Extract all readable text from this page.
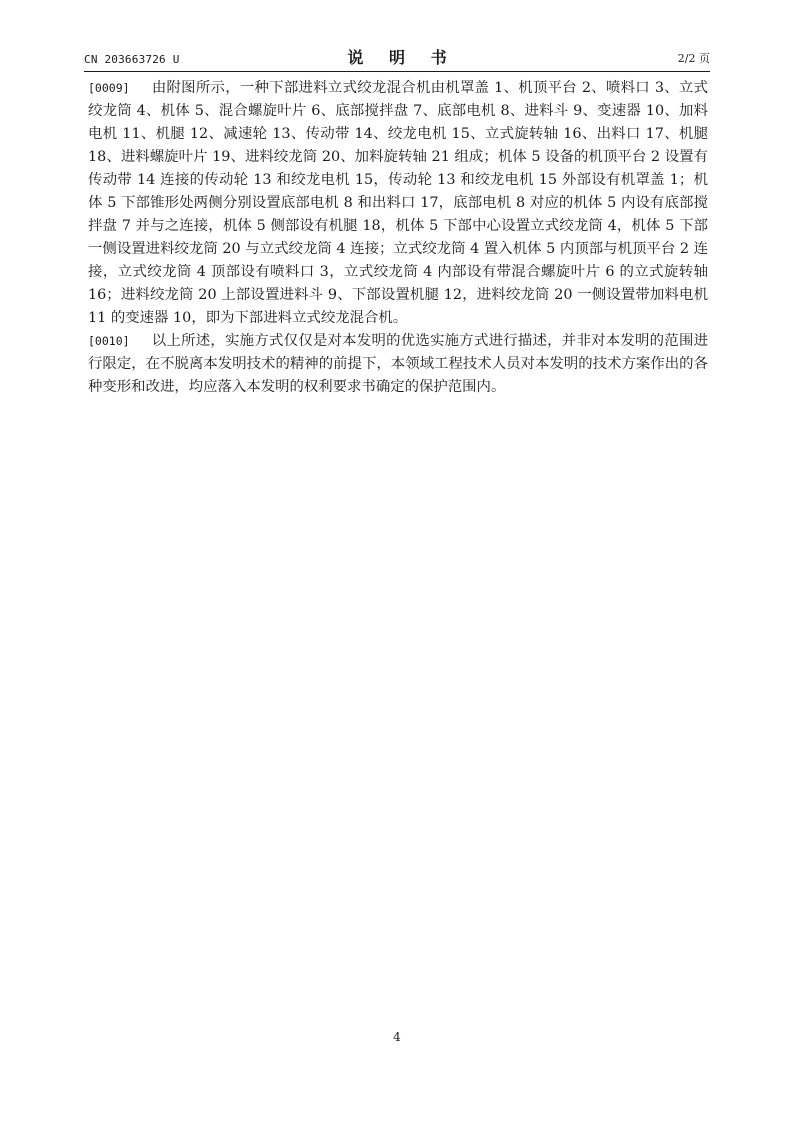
CN 203663726 U	说 明 书	2/2 页

[0009] 由附图所示，一种下部进料立式绞龙混合机由机罩盖 1、机顶平台 2、喷料口 3、立式绞龙筒 4、机体 5、混合螺旋叶片 6、底部搅拌盘 7、底部电机 8、进料斗 9、变速器 10、加料电机 11、机腿 12、减速轮 13、传动带 14、绞龙电机 15、立式旋转轴 16、出料口 17、机腿 18、进料螺旋叶片 19、进料绞龙筒 20、加料旋转轴 21 组成；机体 5 设备的机顶平台 2 设置有传动带 14 连接的传动轮 13 和绞龙电机 15，传动轮 13 和绞龙电机 15 外部设有机罩盖 1；机体 5 下部锥形处两侧分别设置底部电机 8 和出料口 17，底部电机 8 对应的机体 5 内设有底部搅拌盘 7 并与之连接，机体 5 侧部设有机腿 18，机体 5 下部中心设置立式绞龙筒 4，机体 5 下部一侧设置进料绞龙筒 20 与立式绞龙筒 4 连接；立式绞龙筒 4 置入机体 5 内顶部与机顶平台 2 连接，立式绞龙筒 4 顶部设有喷料口 3，立式绞龙筒 4 内部设有带混合螺旋叶片 6 的立式旋转轴 16；进料绞龙筒 20 上部设置进料斗 9、下部设置机腿 12，进料绞龙筒 20 一侧设置带加料电机 11 的变速器 10，即为下部进料立式绞龙混合机。

[0010] 以上所述，实施方式仅仅是对本发明的优选实施方式进行描述，并非对本发明的范围进行限定，在不脱离本发明技术的精神的前提下，本领域工程技术人员对本发明的技术方案作出的各种变形和改进，均应落入本发明的权利要求书确定的保护范围内。

4
